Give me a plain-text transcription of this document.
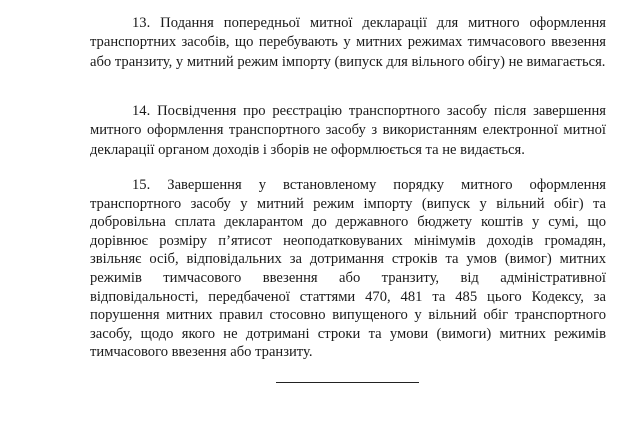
13. Подання попередньої митної декларації для митного оформлення транспортних засобів, що перебувають у митних режимах тимчасового ввезення або транзиту, у митний режим імпорту (випуск для вільного обігу) не вимагається.

14. Посвідчення про реєстрацію транспортного засобу після завершення митного оформлення транспортного засобу з використанням електронної митної декларації органом доходів і зборів не оформлюється та не видається.

15. Завершення у встановленому порядку митного оформлення транспортного засобу у митний режим імпорту (випуск у вільний обіг) та добровільна сплата декларантом до державного бюджету коштів у сумі, що дорівнює розміру п’ятисот неоподатковуваних мінімумів доходів громадян, звільняє осіб, відповідальних за дотримання строків та умов (вимог) митних режимів тимчасового ввезення або транзиту, від адміністративної відповідальності, передбаченої статтями 470, 481 та 485 цього Кодексу, за порушення митних правил стосовно випущеного у вільний обіг транспортного засобу, щодо якого не дотримані строки та умови (вимоги) митних режимів тимчасового ввезення або транзиту.
